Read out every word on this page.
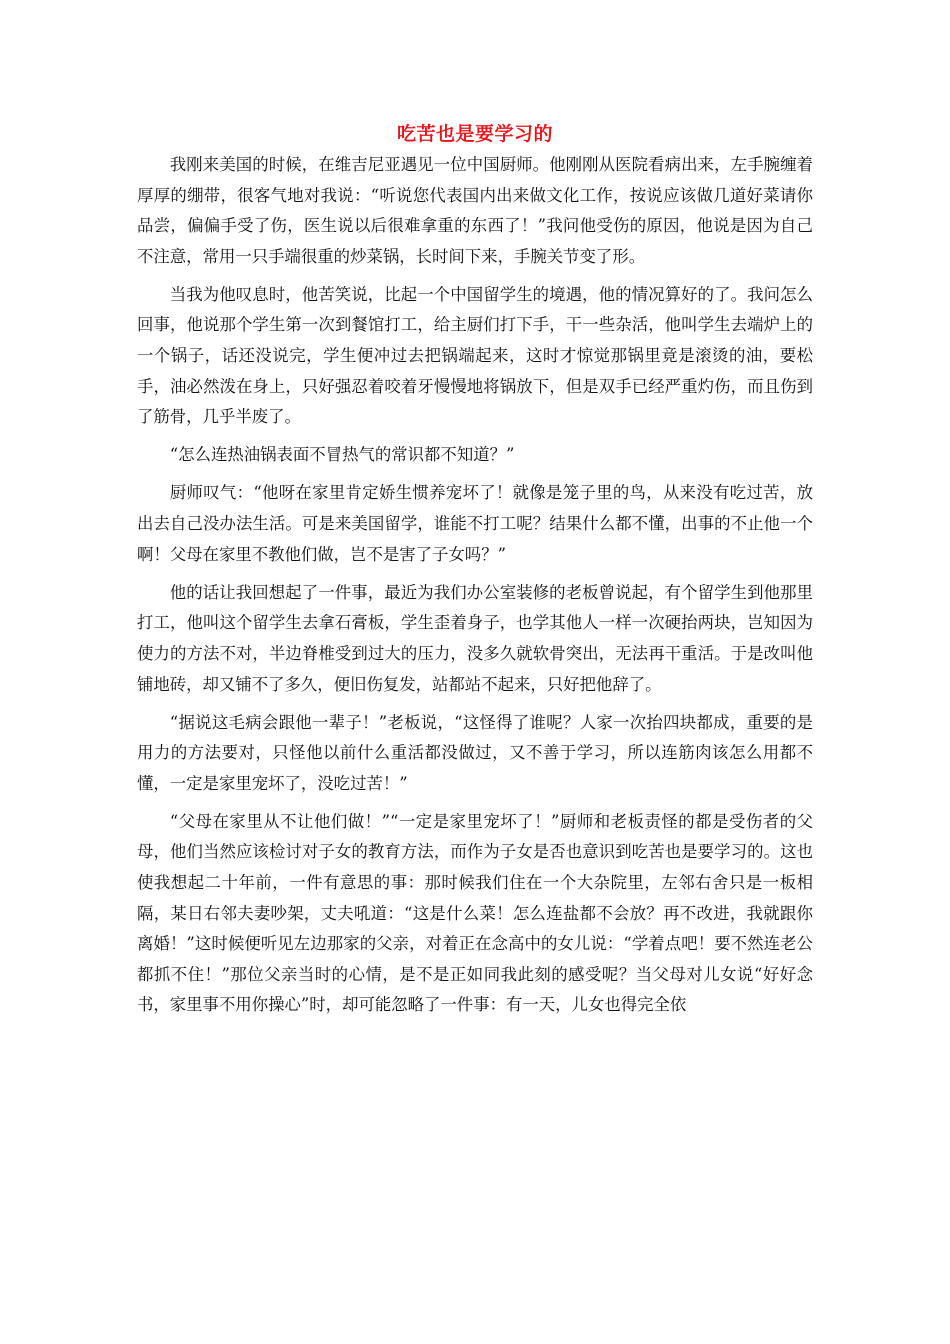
吃苦也是要学习的

我刚来美国的时候，在维吉尼亚遇见一位中国厨师。他刚刚从医院看病出来，左手腕缠着厚厚的绷带，很客气地对我说：“听说您代表国内出来做文化工作，按说应该做几道好菜请你品尝，偏偏手受了伤，医生说以后很难拿重的东西了！”我问他受伤的原因，他说是因为自己不注意，常用一只手端很重的炒菜锅，长时间下来，手腕关节变了形。

当我为他叹息时，他苦笑说，比起一个中国留学生的境遇，他的情况算好的了。我问怎么回事，他说那个学生第一次到餐馆打工，给主厨们打下手，干一些杂活，他叫学生去端炉上的一个锅子，话还没说完，学生便冲过去把锅端起来，这时才惊觉那锅里竟是滚烫的油，要松手，油必然泼在身上，只好强忍着咬着牙慢慢地将锅放下，但是双手已经严重灼伤，而且伤到了筋骨，几乎半废了。

“怎么连热油锅表面不冒热气的常识都不知道？”

厨师叹气：“他呀在家里肯定娇生惯养宠坏了！就像是笼子里的鸟，从来没有吃过苦，放出去自己没办法生活。可是来美国留学，谁能不打工呢？结果什么都不懂，出事的不止他一个啊！父母在家里不教他们做，岂不是害了子女吗？”

他的话让我回想起了一件事，最近为我们办公室装修的老板曾说起，有个留学生到他那里打工，他叫这个留学生去拿石膏板，学生歪着身子，也学其他人一样一次硬抬两块，岂知因为使力的方法不对，半边脊椎受到过大的压力，没多久就软骨突出，无法再干重活。于是改叫他铺地砖，却又铺不了多久，便旧伤复发，站都站不起来，只好把他辞了。

“据说这毛病会跟他一辈子！”老板说，“这怪得了谁呢？人家一次抬四块都成，重要的是用力的方法要对，只怪他以前什么重活都没做过，又不善于学习，所以连筋肉该怎么用都不懂，一定是家里宠坏了，没吃过苦！”

“父母在家里从不让他们做！”“一定是家里宠坏了！”厨师和老板责怪的都是受伤者的父母，他们当然应该检讨对子女的教育方法，而作为子女是否也意识到吃苦也是要学习的。这也使我想起二十年前，一件有意思的事：那时候我们住在一个大杂院里，左邻右舍只是一板相隔，某日右邻夫妻吵架，丈夫吼道：“这是什么菜！怎么连盐都不会放？再不改进，我就跟你离婚！”这时候便听见左边那家的父亲，对着正在念高中的女儿说：“学着点吧！要不然连老公都抓不住！”那位父亲当时的心情，是不是正如同我此刻的感受呢？当父母对儿女说“好好念书，家里事不用你操心”时，却可能忽略了一件事：有一天，儿女也得完全依
